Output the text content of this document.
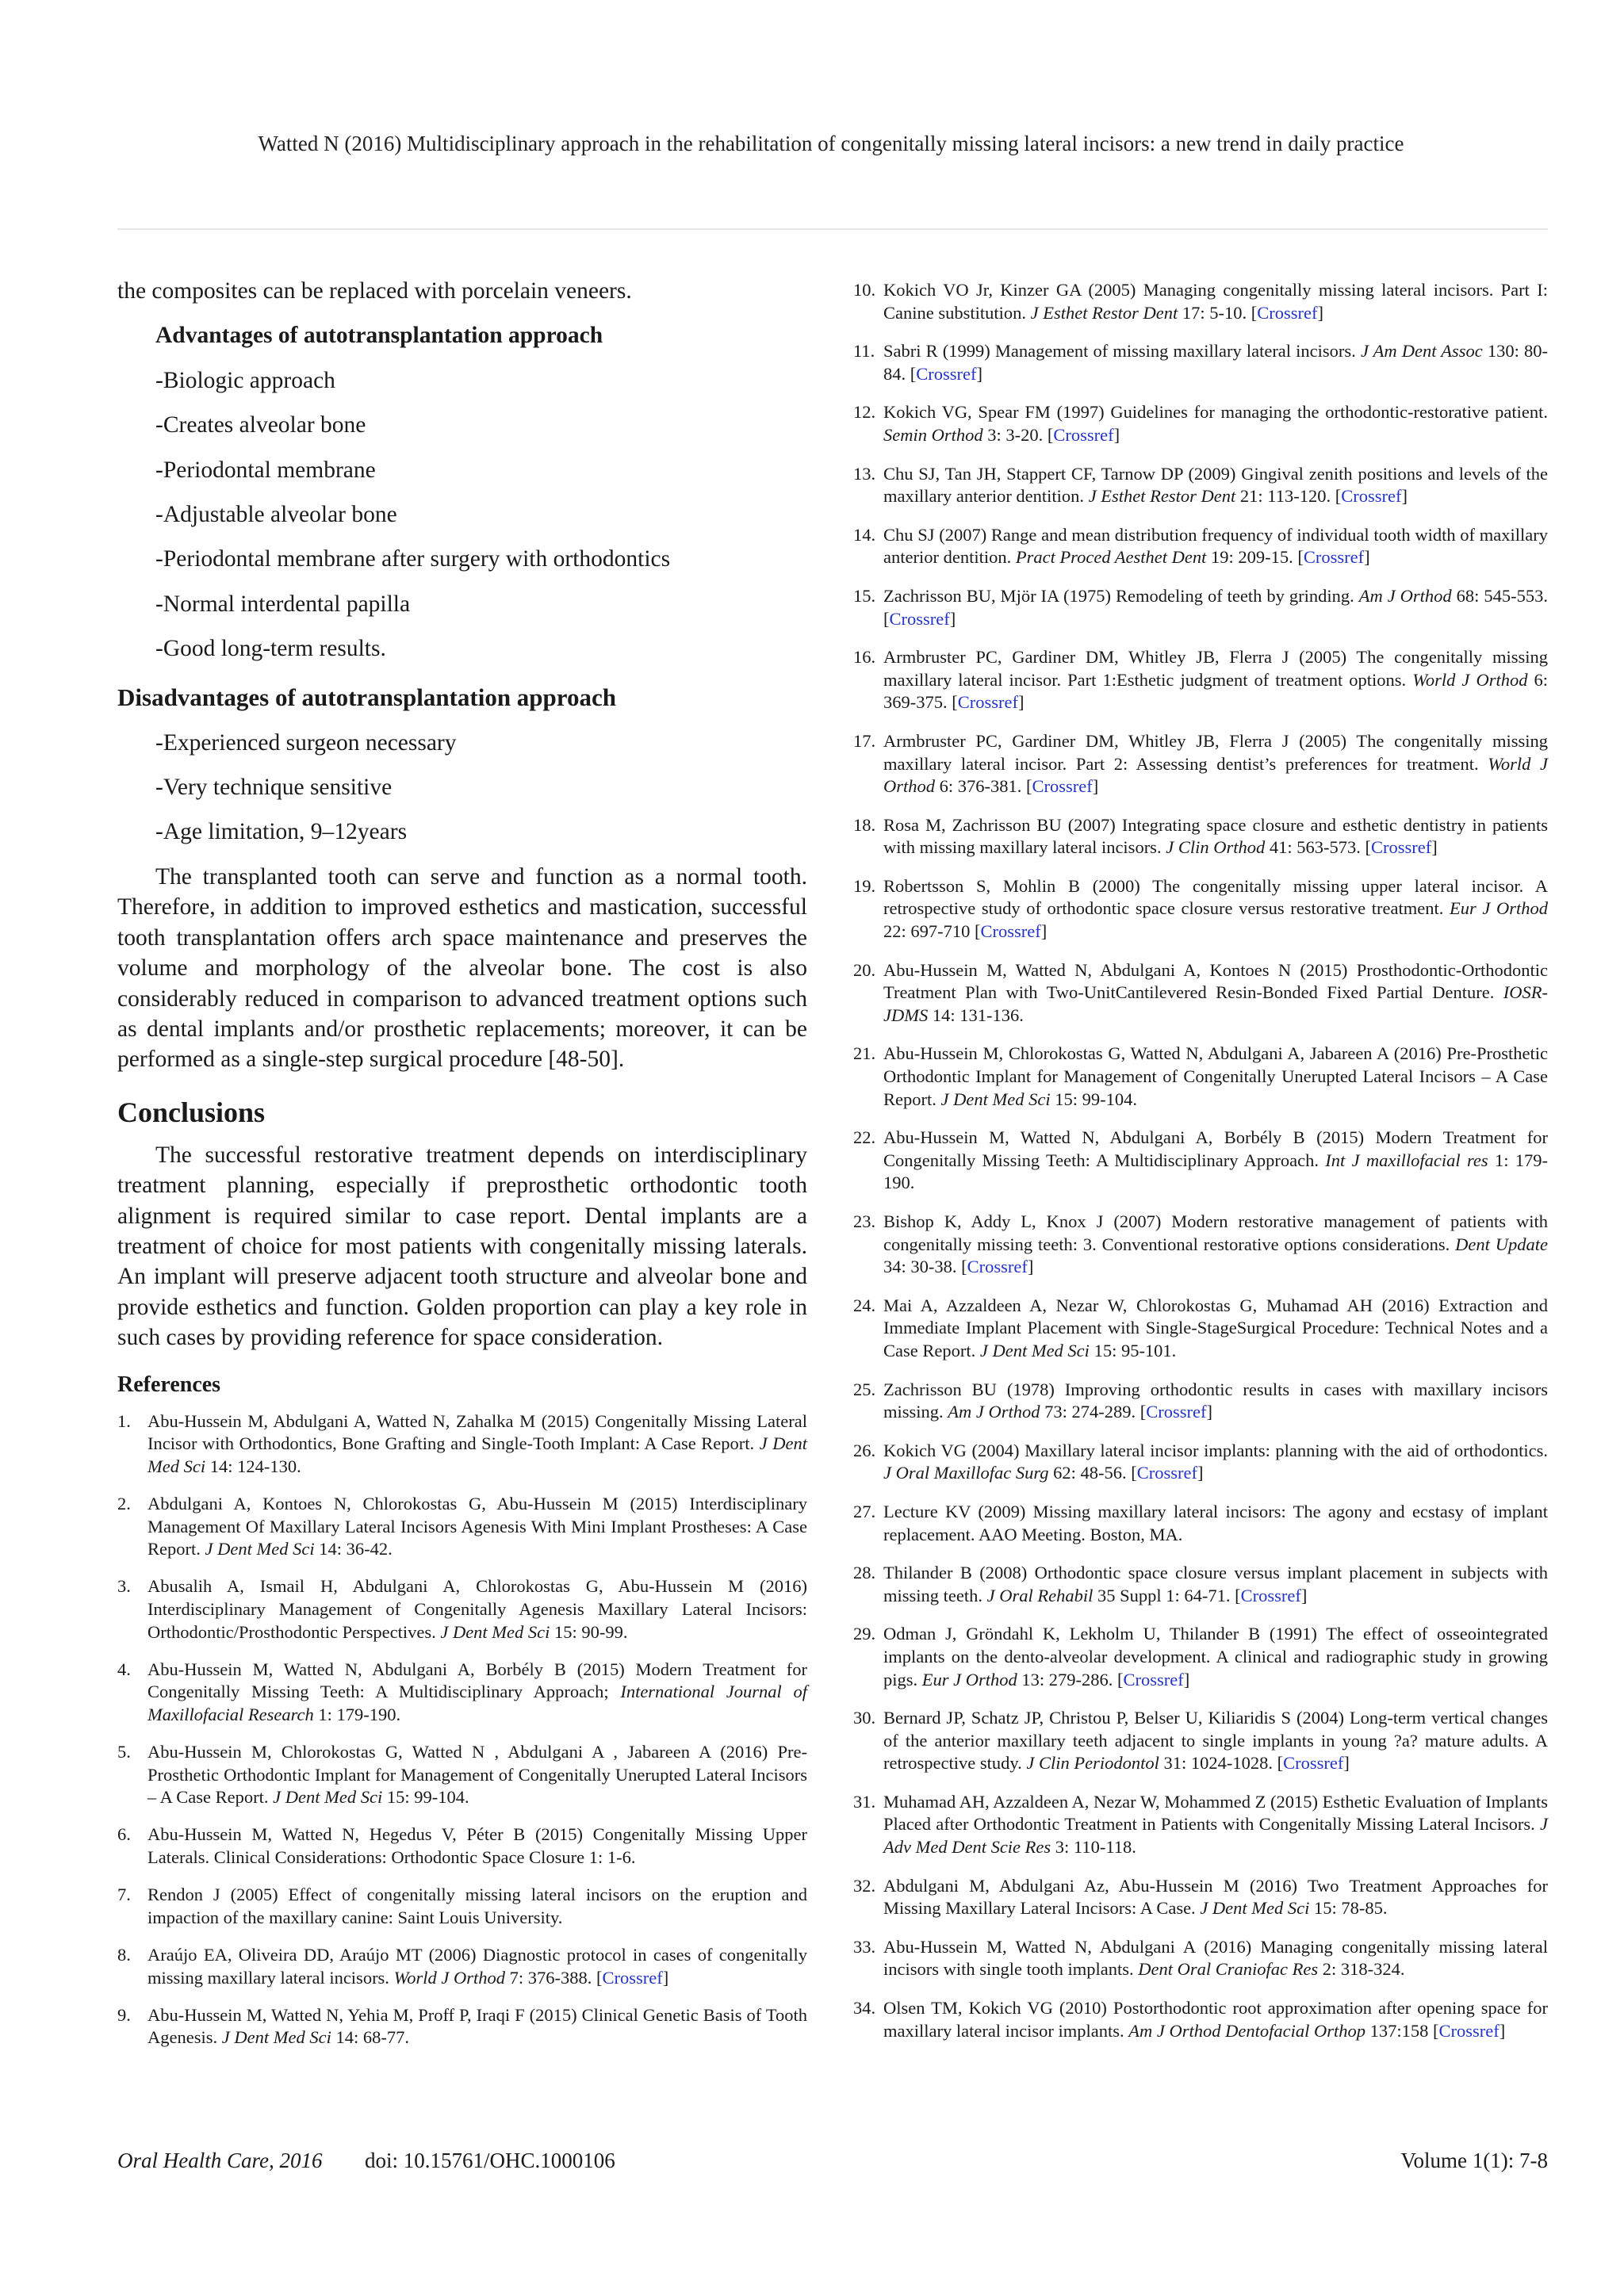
Watted N (2016) Multidisciplinary approach in the rehabilitation of congenitally missing lateral incisors: a new trend in daily practice

the composites can be replaced with porcelain veneers.

Advantages of autotransplantation approach

-Biologic approach

-Creates alveolar bone

-Periodontal membrane

-Adjustable alveolar bone

-Periodontal membrane after surgery with orthodontics

-Normal interdental papilla

-Good long-term results.

Disadvantages of autotransplantation approach

-Experienced surgeon necessary

-Very technique sensitive

-Age limitation, 9–12years

The transplanted tooth can serve and function as a normal tooth. Therefore, in addition to improved esthetics and mastication, successful tooth transplantation offers arch space maintenance and preserves the volume and morphology of the alveolar bone. The cost is also considerably reduced in comparison to advanced treatment options such as dental implants and/or prosthetic replacements; moreover, it can be performed as a single-step surgical procedure [48-50].

Conclusions

The successful restorative treatment depends on interdisciplinary treatment planning, especially if preprosthetic orthodontic tooth alignment is required similar to case report. Dental implants are a treatment of choice for most patients with congenitally missing laterals. An implant will preserve adjacent tooth structure and alveolar bone and provide esthetics and function. Golden proportion can play a key role in such cases by providing reference for space consideration.

References
1. Abu-Hussein M, Abdulgani A, Watted N, Zahalka M (2015) Congenitally Missing Lateral Incisor with Orthodontics, Bone Grafting and Single-Tooth Implant: A Case Report. J Dent Med Sci 14: 124-130.
2. Abdulgani A, Kontoes N, Chlorokostas G, Abu-Hussein M (2015) Interdisciplinary Management Of Maxillary Lateral Incisors Agenesis With Mini Implant Prostheses: A Case Report. J Dent Med Sci 14: 36-42.
3. Abusalih A, Ismail H, Abdulgani A, Chlorokostas G, Abu-Hussein M (2016) Interdisciplinary Management of Congenitally Agenesis Maxillary Lateral Incisors: Orthodontic/Prosthodontic Perspectives. J Dent Med Sci 15: 90-99.
4. Abu-Hussein M, Watted N, Abdulgani A, Borbély B (2015) Modern Treatment for Congenitally Missing Teeth: A Multidisciplinary Approach; International Journal of Maxillofacial Research 1: 179-190.
5. Abu-Hussein M, Chlorokostas G, Watted N , Abdulgani A , Jabareen A (2016) Pre-Prosthetic Orthodontic Implant for Management of Congenitally Unerupted Lateral Incisors – A Case Report. J Dent Med Sci 15: 99-104.
6. Abu-Hussein M, Watted N, Hegedus V, Péter B (2015) Congenitally Missing Upper Laterals. Clinical Considerations: Orthodontic Space Closure 1: 1-6.
7. Rendon J (2005) Effect of congenitally missing lateral incisors on the eruption and impaction of the maxillary canine: Saint Louis University.
8. Araújo EA, Oliveira DD, Araújo MT (2006) Diagnostic protocol in cases of congenitally missing maxillary lateral incisors. World J Orthod 7: 376-388. [Crossref]
9. Abu-Hussein M, Watted N, Yehia M, Proff P, Iraqi F (2015) Clinical Genetic Basis of Tooth Agenesis. J Dent Med Sci 14: 68-77.
10. Kokich VO Jr, Kinzer GA (2005) Managing congenitally missing lateral incisors. Part I: Canine substitution. J Esthet Restor Dent 17: 5-10. [Crossref]
11. Sabri R (1999) Management of missing maxillary lateral incisors. J Am Dent Assoc 130: 80-84. [Crossref]
12. Kokich VG, Spear FM (1997) Guidelines for managing the orthodontic-restorative patient. Semin Orthod 3: 3-20. [Crossref]
13. Chu SJ, Tan JH, Stappert CF, Tarnow DP (2009) Gingival zenith positions and levels of the maxillary anterior dentition. J Esthet Restor Dent 21: 113-120. [Crossref]
14. Chu SJ (2007) Range and mean distribution frequency of individual tooth width of maxillary anterior dentition. Pract Proced Aesthet Dent 19: 209-15. [Crossref]
15. Zachrisson BU, Mjör IA (1975) Remodeling of teeth by grinding. Am J Orthod 68: 545-553. [Crossref]
16. Armbruster PC, Gardiner DM, Whitley JB, Flerra J (2005) The congenitally missing maxillary lateral incisor. Part 1:Esthetic judgment of treatment options. World J Orthod 6: 369-375. [Crossref]
17. Armbruster PC, Gardiner DM, Whitley JB, Flerra J (2005) The congenitally missing maxillary lateral incisor. Part 2: Assessing dentist’s preferences for treatment. World J Orthod 6: 376-381. [Crossref]
18. Rosa M, Zachrisson BU (2007) Integrating space closure and esthetic dentistry in patients with missing maxillary lateral incisors. J Clin Orthod 41: 563-573. [Crossref]
19. Robertsson S, Mohlin B (2000) The congenitally missing upper lateral incisor. A retrospective study of orthodontic space closure versus restorative treatment. Eur J Orthod 22: 697-710 [Crossref]
20. Abu-Hussein M, Watted N, Abdulgani A, Kontoes N (2015) Prosthodontic-Orthodontic Treatment Plan with Two-UnitCantilevered Resin-Bonded Fixed Partial Denture. IOSR-JDMS 14: 131-136.
21. Abu-Hussein M, Chlorokostas G, Watted N, Abdulgani A, Jabareen A (2016) Pre-Prosthetic Orthodontic Implant for Management of Congenitally Unerupted Lateral Incisors – A Case Report. J Dent Med Sci 15: 99-104.
22. Abu-Hussein M, Watted N, Abdulgani A, Borbély B (2015) Modern Treatment for Congenitally Missing Teeth: A Multidisciplinary Approach. Int J maxillofacial res 1: 179-190.
23. Bishop K, Addy L, Knox J (2007) Modern restorative management of patients with congenitally missing teeth: 3. Conventional restorative options considerations. Dent Update 34: 30-38. [Crossref]
24. Mai A, Azzaldeen A, Nezar W, Chlorokostas G, Muhamad AH (2016) Extraction and Immediate Implant Placement with Single-StageSurgical Procedure: Technical Notes and a Case Report. J Dent Med Sci 15: 95-101.
25. Zachrisson BU (1978) Improving orthodontic results in cases with maxillary incisors missing. Am J Orthod 73: 274-289. [Crossref]
26. Kokich VG (2004) Maxillary lateral incisor implants: planning with the aid of orthodontics. J Oral Maxillofac Surg 62: 48-56. [Crossref]
27. Lecture KV (2009) Missing maxillary lateral incisors: The agony and ecstasy of implant replacement. AAO Meeting. Boston, MA.
28. Thilander B (2008) Orthodontic space closure versus implant placement in subjects with missing teeth. J Oral Rehabil 35 Suppl 1: 64-71. [Crossref]
29. Odman J, Gröndahl K, Lekholm U, Thilander B (1991) The effect of osseointegrated implants on the dento-alveolar development. A clinical and radiographic study in growing pigs. Eur J Orthod 13: 279-286. [Crossref]
30. Bernard JP, Schatz JP, Christou P, Belser U, Kiliaridis S (2004) Long-term vertical changes of the anterior maxillary teeth adjacent to single implants in young ?a? mature adults. A retrospective study. J Clin Periodontol 31: 1024-1028. [Crossref]
31. Muhamad AH, Azzaldeen A, Nezar W, Mohammed Z (2015) Esthetic Evaluation of Implants Placed after Orthodontic Treatment in Patients with Congenitally Missing Lateral Incisors. J Adv Med Dent Scie Res 3: 110-118.
32. Abdulgani M, Abdulgani Az, Abu-Hussein M (2016) Two Treatment Approaches for Missing Maxillary Lateral Incisors: A Case. J Dent Med Sci 15: 78-85.
33. Abu-Hussein M, Watted N, Abdulgani A (2016) Managing congenitally missing lateral incisors with single tooth implants. Dent Oral Craniofac Res 2: 318-324.
34. Olsen TM, Kokich VG (2010) Postorthodontic root approximation after opening space for maxillary lateral incisor implants. Am J Orthod Dentofacial Orthop 137:158 [Crossref]
Oral Health Care, 2016 doi: 10.15761/OHC.1000106	Volume 1(1): 7-8
